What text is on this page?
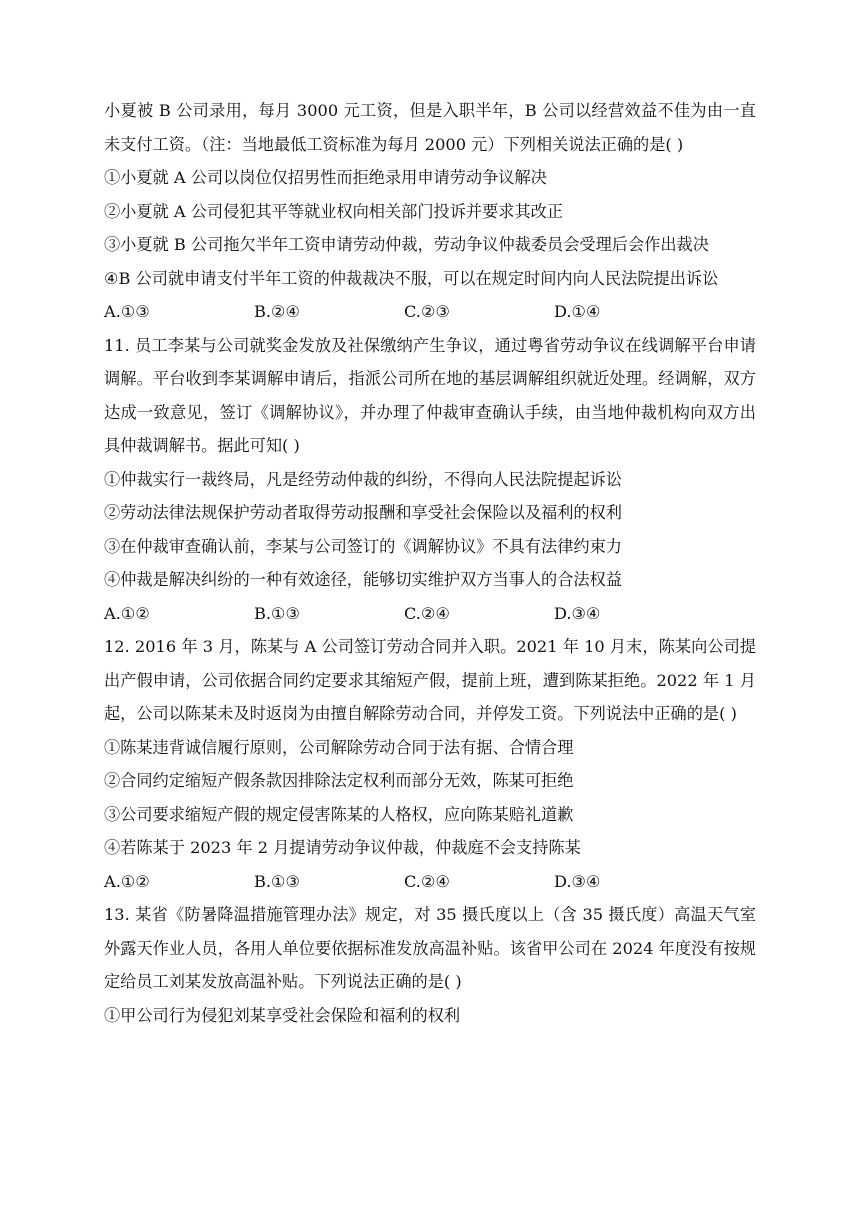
小夏被 B 公司录用，每月 3000 元工资，但是入职半年，B 公司以经营效益不佳为由一直未支付工资。（注：当地最低工资标准为每月 2000 元）下列相关说法正确的是( )

①小夏就 A 公司以岗位仅招男性而拒绝录用申请劳动争议解决

②小夏就 A 公司侵犯其平等就业权向相关部门投诉并要求其改正

③小夏就 B 公司拖欠半年工资申请劳动仲裁，劳动争议仲裁委员会受理后会作出裁决

④B 公司就申请支付半年工资的仲裁裁决不服，可以在规定时间内向人民法院提出诉讼

A.①③	B.②④	C.②③	D.①④

11. 员工李某与公司就奖金发放及社保缴纳产生争议，通过粤省劳动争议在线调解平台申请调解。平台收到李某调解申请后，指派公司所在地的基层调解组织就近处理。经调解，双方达成一致意见，签订《调解协议》，并办理了仲裁审查确认手续，由当地仲裁机构向双方出具仲裁调解书。据此可知( )

①仲裁实行一裁终局，凡是经劳动仲裁的纠纷，不得向人民法院提起诉讼

②劳动法律法规保护劳动者取得劳动报酬和享受社会保险以及福利的权利

③在仲裁审查确认前，李某与公司签订的《调解协议》不具有法律约束力

④仲裁是解决纠纷的一种有效途径，能够切实维护双方当事人的合法权益

A.①②	B.①③	C.②④	D.③④

12. 2016 年 3 月，陈某与 A 公司签订劳动合同并入职。2021 年 10 月末，陈某向公司提出产假申请，公司依据合同约定要求其缩短产假，提前上班，遭到陈某拒绝。2022 年 1 月起，公司以陈某未及时返岗为由擅自解除劳动合同，并停发工资。下列说法中正确的是( )

①陈某违背诚信履行原则，公司解除劳动合同于法有据、合情合理

②合同约定缩短产假条款因排除法定权利而部分无效，陈某可拒绝

③公司要求缩短产假的规定侵害陈某的人格权，应向陈某赔礼道歉

④若陈某于 2023 年 2 月提请劳动争议仲裁，仲裁庭不会支持陈某

A.①②	B.①③	C.②④	D.③④

13. 某省《防暑降温措施管理办法》规定，对 35 摄氏度以上（含 35 摄氏度）高温天气室外露天作业人员，各用人单位要依据标准发放高温补贴。该省甲公司在 2024 年度没有按规定给员工刘某发放高温补贴。下列说法正确的是( )

①甲公司行为侵犯刘某享受社会保险和福利的权利
